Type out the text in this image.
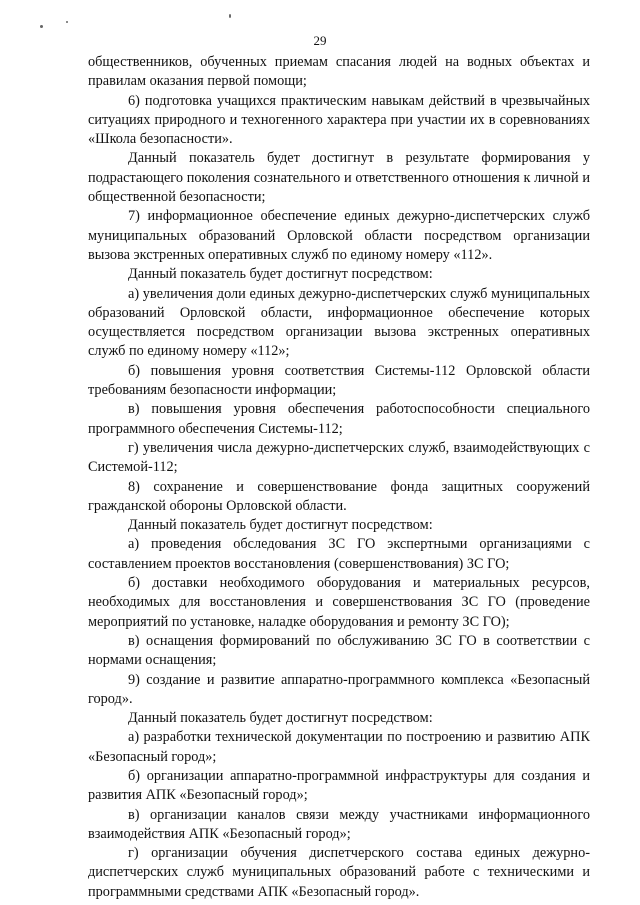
29

общественников, обученных приемам спасания людей на водных объектах и правилам оказания первой помощи;

6) подготовка учащихся практическим навыкам действий в чрезвычайных ситуациях природного и техногенного характера при участии их в соревнованиях «Школа безопасности».

Данный показатель будет достигнут в результате формирования у подрастающего поколения сознательного и ответственного отношения к личной и общественной безопасности;

7) информационное обеспечение единых дежурно-диспетчерских служб муниципальных образований Орловской области посредством организации вызова экстренных оперативных служб по единому номеру «112».

Данный показатель будет достигнут посредством:

а) увеличения доли единых дежурно-диспетчерских служб муниципальных образований Орловской области, информационное обеспечение которых осуществляется посредством организации вызова экстренных оперативных служб по единому номеру «112»;

б) повышения уровня соответствия Системы-112 Орловской области требованиям безопасности информации;

в) повышения уровня обеспечения работоспособности специального программного обеспечения Системы-112;

г) увеличения числа дежурно-диспетчерских служб, взаимодействующих с Системой-112;

8) сохранение и совершенствование фонда защитных сооружений гражданской обороны Орловской области.

Данный показатель будет достигнут посредством:

а) проведения обследования ЗС ГО экспертными организациями с составлением проектов восстановления (совершенствования) ЗС ГО;

б) доставки необходимого оборудования и материальных ресурсов, необходимых для восстановления и совершенствования ЗС ГО (проведение мероприятий по установке, наладке оборудования и ремонту ЗС ГО);

в) оснащения формирований по обслуживанию ЗС ГО в соответствии с нормами оснащения;

9) создание и развитие аппаратно-программного комплекса «Безопасный город».

Данный показатель будет достигнут посредством:

а) разработки технической документации по построению и развитию АПК «Безопасный город»;

б) организации аппаратно-программной инфраструктуры для создания и развития АПК «Безопасный город»;

в) организации каналов связи между участниками информационного взаимодействия АПК «Безопасный город»;

г) организации обучения диспетчерского состава единых дежурно-диспетчерских служб муниципальных образований работе с техническими и программными средствами АПК «Безопасный город».
